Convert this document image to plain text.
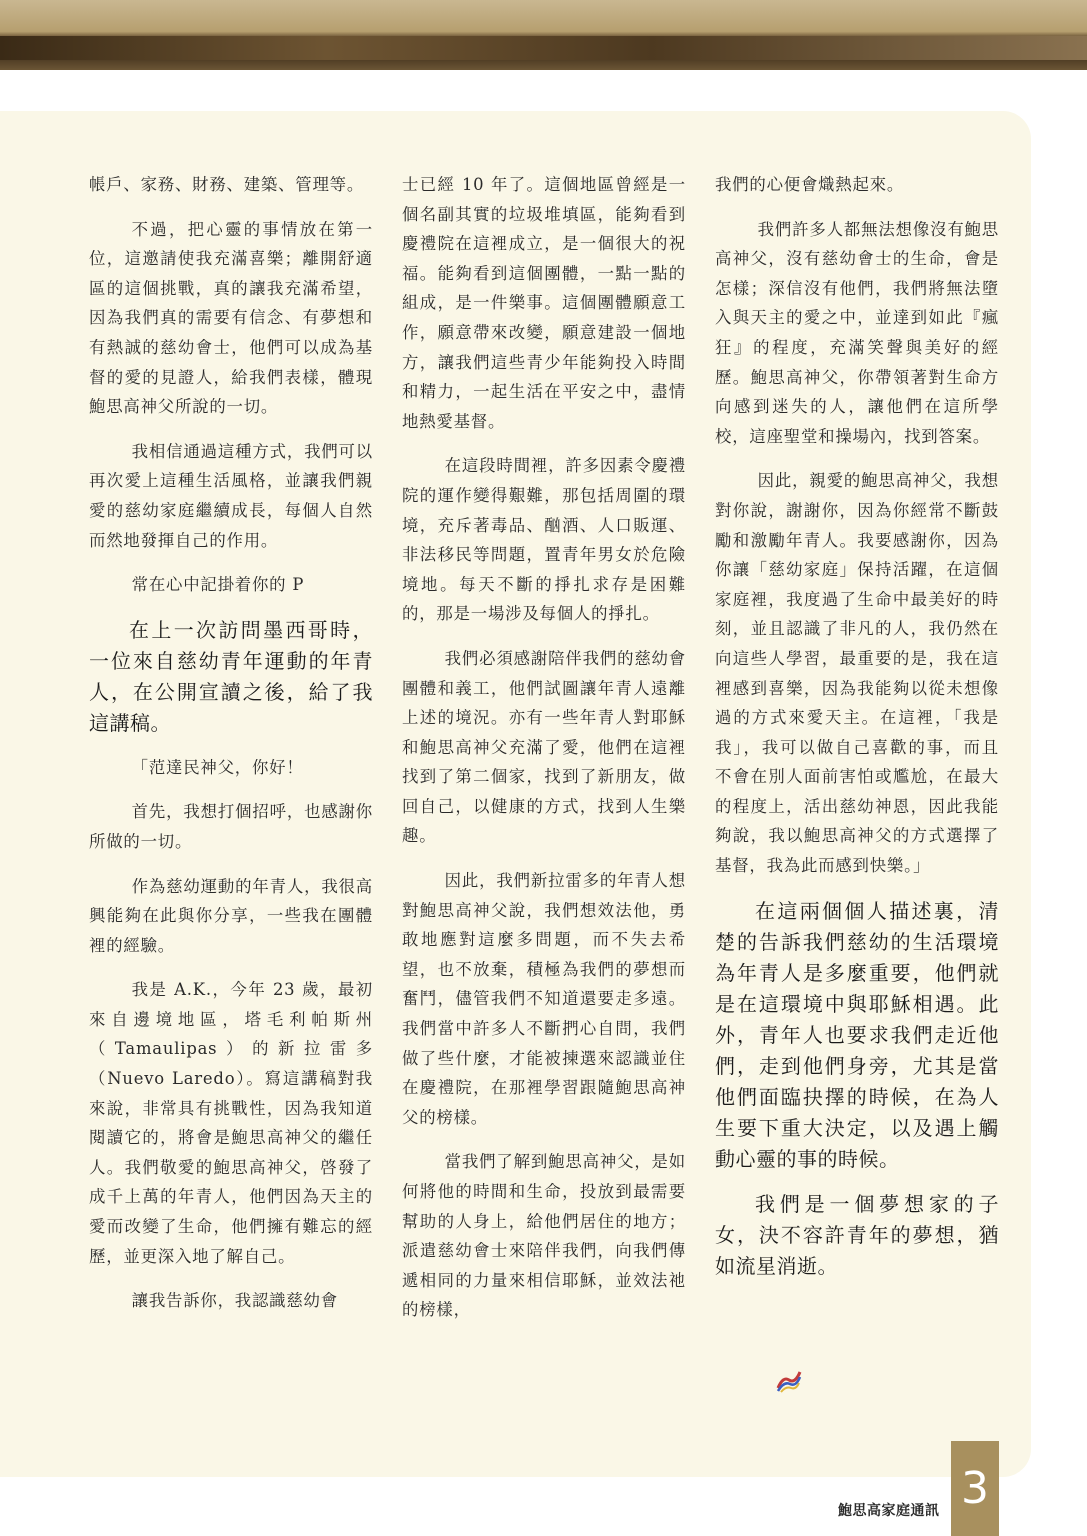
帳戶、家務、財務、建築、管理等。

不過，把心靈的事情放在第一位，這邀請使我充滿喜樂；離開舒適區的這個挑戰，真的讓我充滿希望，因為我們真的需要有信念、有夢想和有熱誠的慈幼會士，他們可以成為基督的愛的見證人，給我們表樣，體現鮑思高神父所說的一切。

我相信通過這種方式，我們可以再次愛上這種生活風格，並讓我們親愛的慈幼家庭繼續成長，每個人自然而然地發揮自己的作用。

常在心中記掛着你的 P

在上一次訪問墨西哥時，一位來自慈幼青年運動的年青人，在公開宣讀之後，給了我這講稿。

「范達民神父，你好！

首先，我想打個招呼，也感謝你所做的一切。

作為慈幼運動的年青人，我很高興能夠在此與你分享，一些我在團體裡的經驗。

我是 A.K.，今年 23 歲，最初來自邊境地區，塔毛利帕斯州（Tamaulipas）的新拉雷多（Nuevo Laredo）。寫這講稿對我來說，非常具有挑戰性，因為我知道閱讀它的，將會是鮑思高神父的繼任人。我們敬愛的鮑思高神父，啓發了成千上萬的年青人，他們因為天主的愛而改變了生命，他們擁有難忘的經歷，並更深入地了解自己。

讓我告訴你，我認識慈幼會

士已經 10 年了。這個地區曾經是一個名副其實的垃圾堆填區，能夠看到慶禮院在這裡成立，是一個很大的祝福。能夠看到這個團體，一點一點的組成，是一件樂事。這個團體願意工作，願意帶來改變，願意建設一個地方，讓我們這些青少年能夠投入時間和精力，一起生活在平安之中，盡情地熱愛基督。

在這段時間裡，許多因素令慶禮院的運作變得艱難，那包括周圍的環境，充斥著毒品、酗酒、人口販運、非法移民等問題，置青年男女於危險境地。每天不斷的掙扎求存是困難的，那是一場涉及每個人的掙扎。

我們必須感謝陪伴我們的慈幼會團體和義工，他們試圖讓年青人遠離上述的境況。亦有一些年青人對耶穌和鮑思高神父充滿了愛，他們在這裡找到了第二個家，找到了新朋友，做回自己，以健康的方式，找到人生樂趣。

因此，我們新拉雷多的年青人想對鮑思高神父說，我們想效法他，勇敢地應對這麼多問題，而不失去希望，也不放棄，積極為我們的夢想而奮鬥，儘管我們不知道還要走多遠。我們當中許多人不斷捫心自問，我們做了些什麼，才能被揀選來認識並住在慶禮院，在那裡學習跟隨鮑思高神父的榜樣。

當我們了解到鮑思高神父，是如何將他的時間和生命，投放到最需要幫助的人身上，給他們居住的地方；派遣慈幼會士來陪伴我們，向我們傳遞相同的力量來相信耶穌，並效法祂的榜樣，

我們的心便會熾熱起來。

我們許多人都無法想像沒有鮑思高神父，沒有慈幼會士的生命，會是怎樣；深信沒有他們，我們將無法墮入與天主的愛之中，並達到如此『瘋狂』的程度，充滿笑聲與美好的經歷。鮑思高神父，你帶領著對生命方向感到迷失的人，讓他們在這所學校，這座聖堂和操場內，找到答案。

因此，親愛的鮑思高神父，我想對你說，謝謝你，因為你經常不斷鼓勵和激勵年青人。我要感謝你，因為你讓「慈幼家庭」保持活躍，在這個家庭裡，我度過了生命中最美好的時刻，並且認識了非凡的人，我仍然在向這些人學習，最重要的是，我在這裡感到喜樂，因為我能夠以從未想像過的方式來愛天主。在這裡，「我是我」，我可以做自己喜歡的事，而且不會在別人面前害怕或尷尬，在最大的程度上，活出慈幼神恩，因此我能夠說，我以鮑思高神父的方式選擇了基督，我為此而感到快樂。」

在這兩個個人描述裏，清楚的告訴我們慈幼的生活環境為年青人是多麼重要，他們就是在這環境中與耶穌相遇。此外，青年人也要求我們走近他們，走到他們身旁，尤其是當他們面臨抉擇的時候，在為人生要下重大決定，以及遇上觸動心靈的事的時候。

我們是一個夢想家的子女，決不容許青年的夢想，猶如流星消逝。

鮑思高家庭通訊 3
